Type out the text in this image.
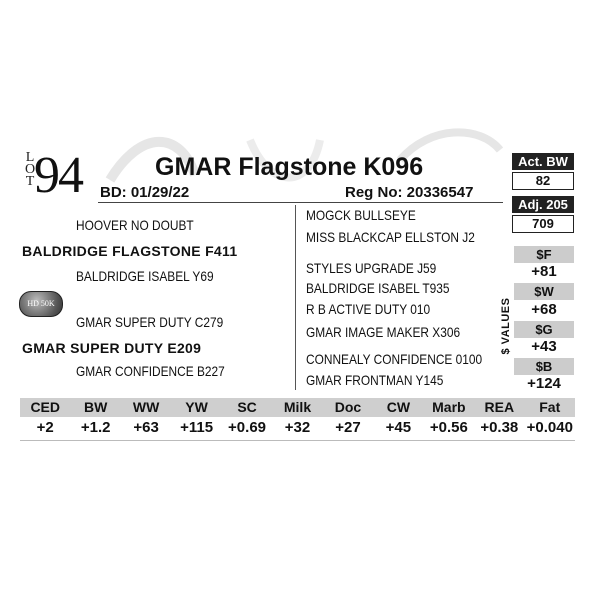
L
O
T 94	GMAR Flagstone K096
BD: 01/29/22	Reg No: 20336547
HOOVER NO DOUBT
BALDRIDGE FLAGSTONE F411
BALDRIDGE ISABEL Y69
HD 50K
GMAR SUPER DUTY C279
GMAR SUPER DUTY E209
GMAR CONFIDENCE B227
MOGCK BULLSEYE
MISS BLACKCAP ELLSTON J2
STYLES UPGRADE J59
BALDRIDGE ISABEL T935
R B ACTIVE DUTY 010
GMAR IMAGE MAKER X306
CONNEALY CONFIDENCE 0100
GMAR FRONTMAN Y145
Act. BW
82
Adj. 205
709
$ VALUES
$F
+81
$W
+68
$G
+43
$B
+124
CED	BW	WW	YW	SC	Milk	Doc	CW	Marb	REA	Fat
+2	+1.2	+63	+115 +0.69	+32	+27	+45	+0.56 +0.38 +0.040
